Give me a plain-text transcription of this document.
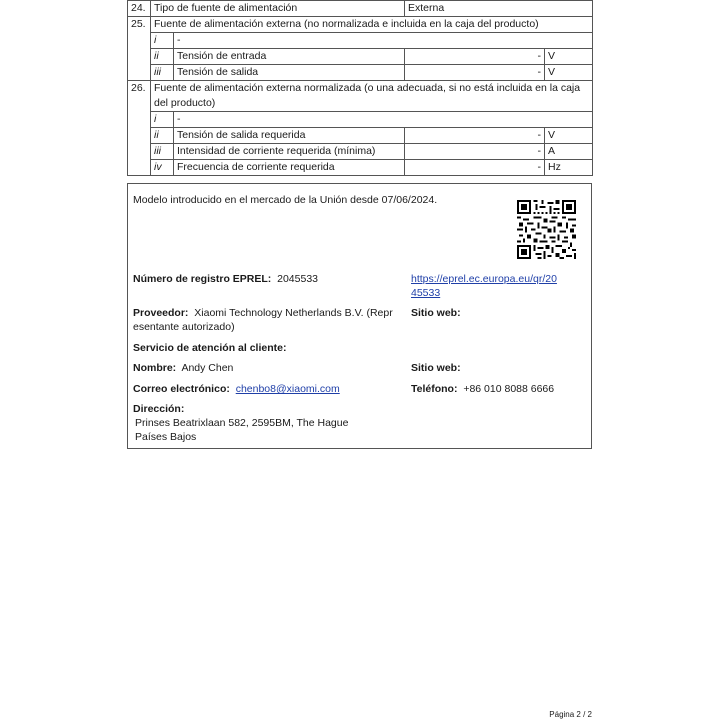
24.	Tipo de fuente de alimentación		Externa	
25.	Fuente de alimentación externa (no normalizada e incluida en la caja del producto)			
	i	-		
	ii	Tensión de entrada	-	V
	iii	Tensión de salida	-	V
26.	Fuente de alimentación externa normalizada (o una adecuada, si no está incluida en la caja del producto)			
	i	-		
	ii	Tensión de salida requerida	-	V
	iii	Intensidad de corriente requerida (mínima)	-	A
	iv	Frecuencia de corriente requerida	-	Hz
Modelo introducido en el mercado de la Unión desde 07/06/2024.
Número de registro EPREL: 2045533	https://eprel.ec.europa.eu/qr/20
45533
Proveedor: Xiaomi Technology Netherlands B.V. (Repr
esentante autorizado)
Sitio web:
Servicio de atención al cliente:
Nombre: Andy Chen	Sitio web:
Correo electrónico: chenbo8@xiaomi.com	Teléfono: +86 010 8088 6666
Dirección:
Prinses Beatrixlaan 582, 2595BM, The Hague
Países Bajos
Página 2 / 2
